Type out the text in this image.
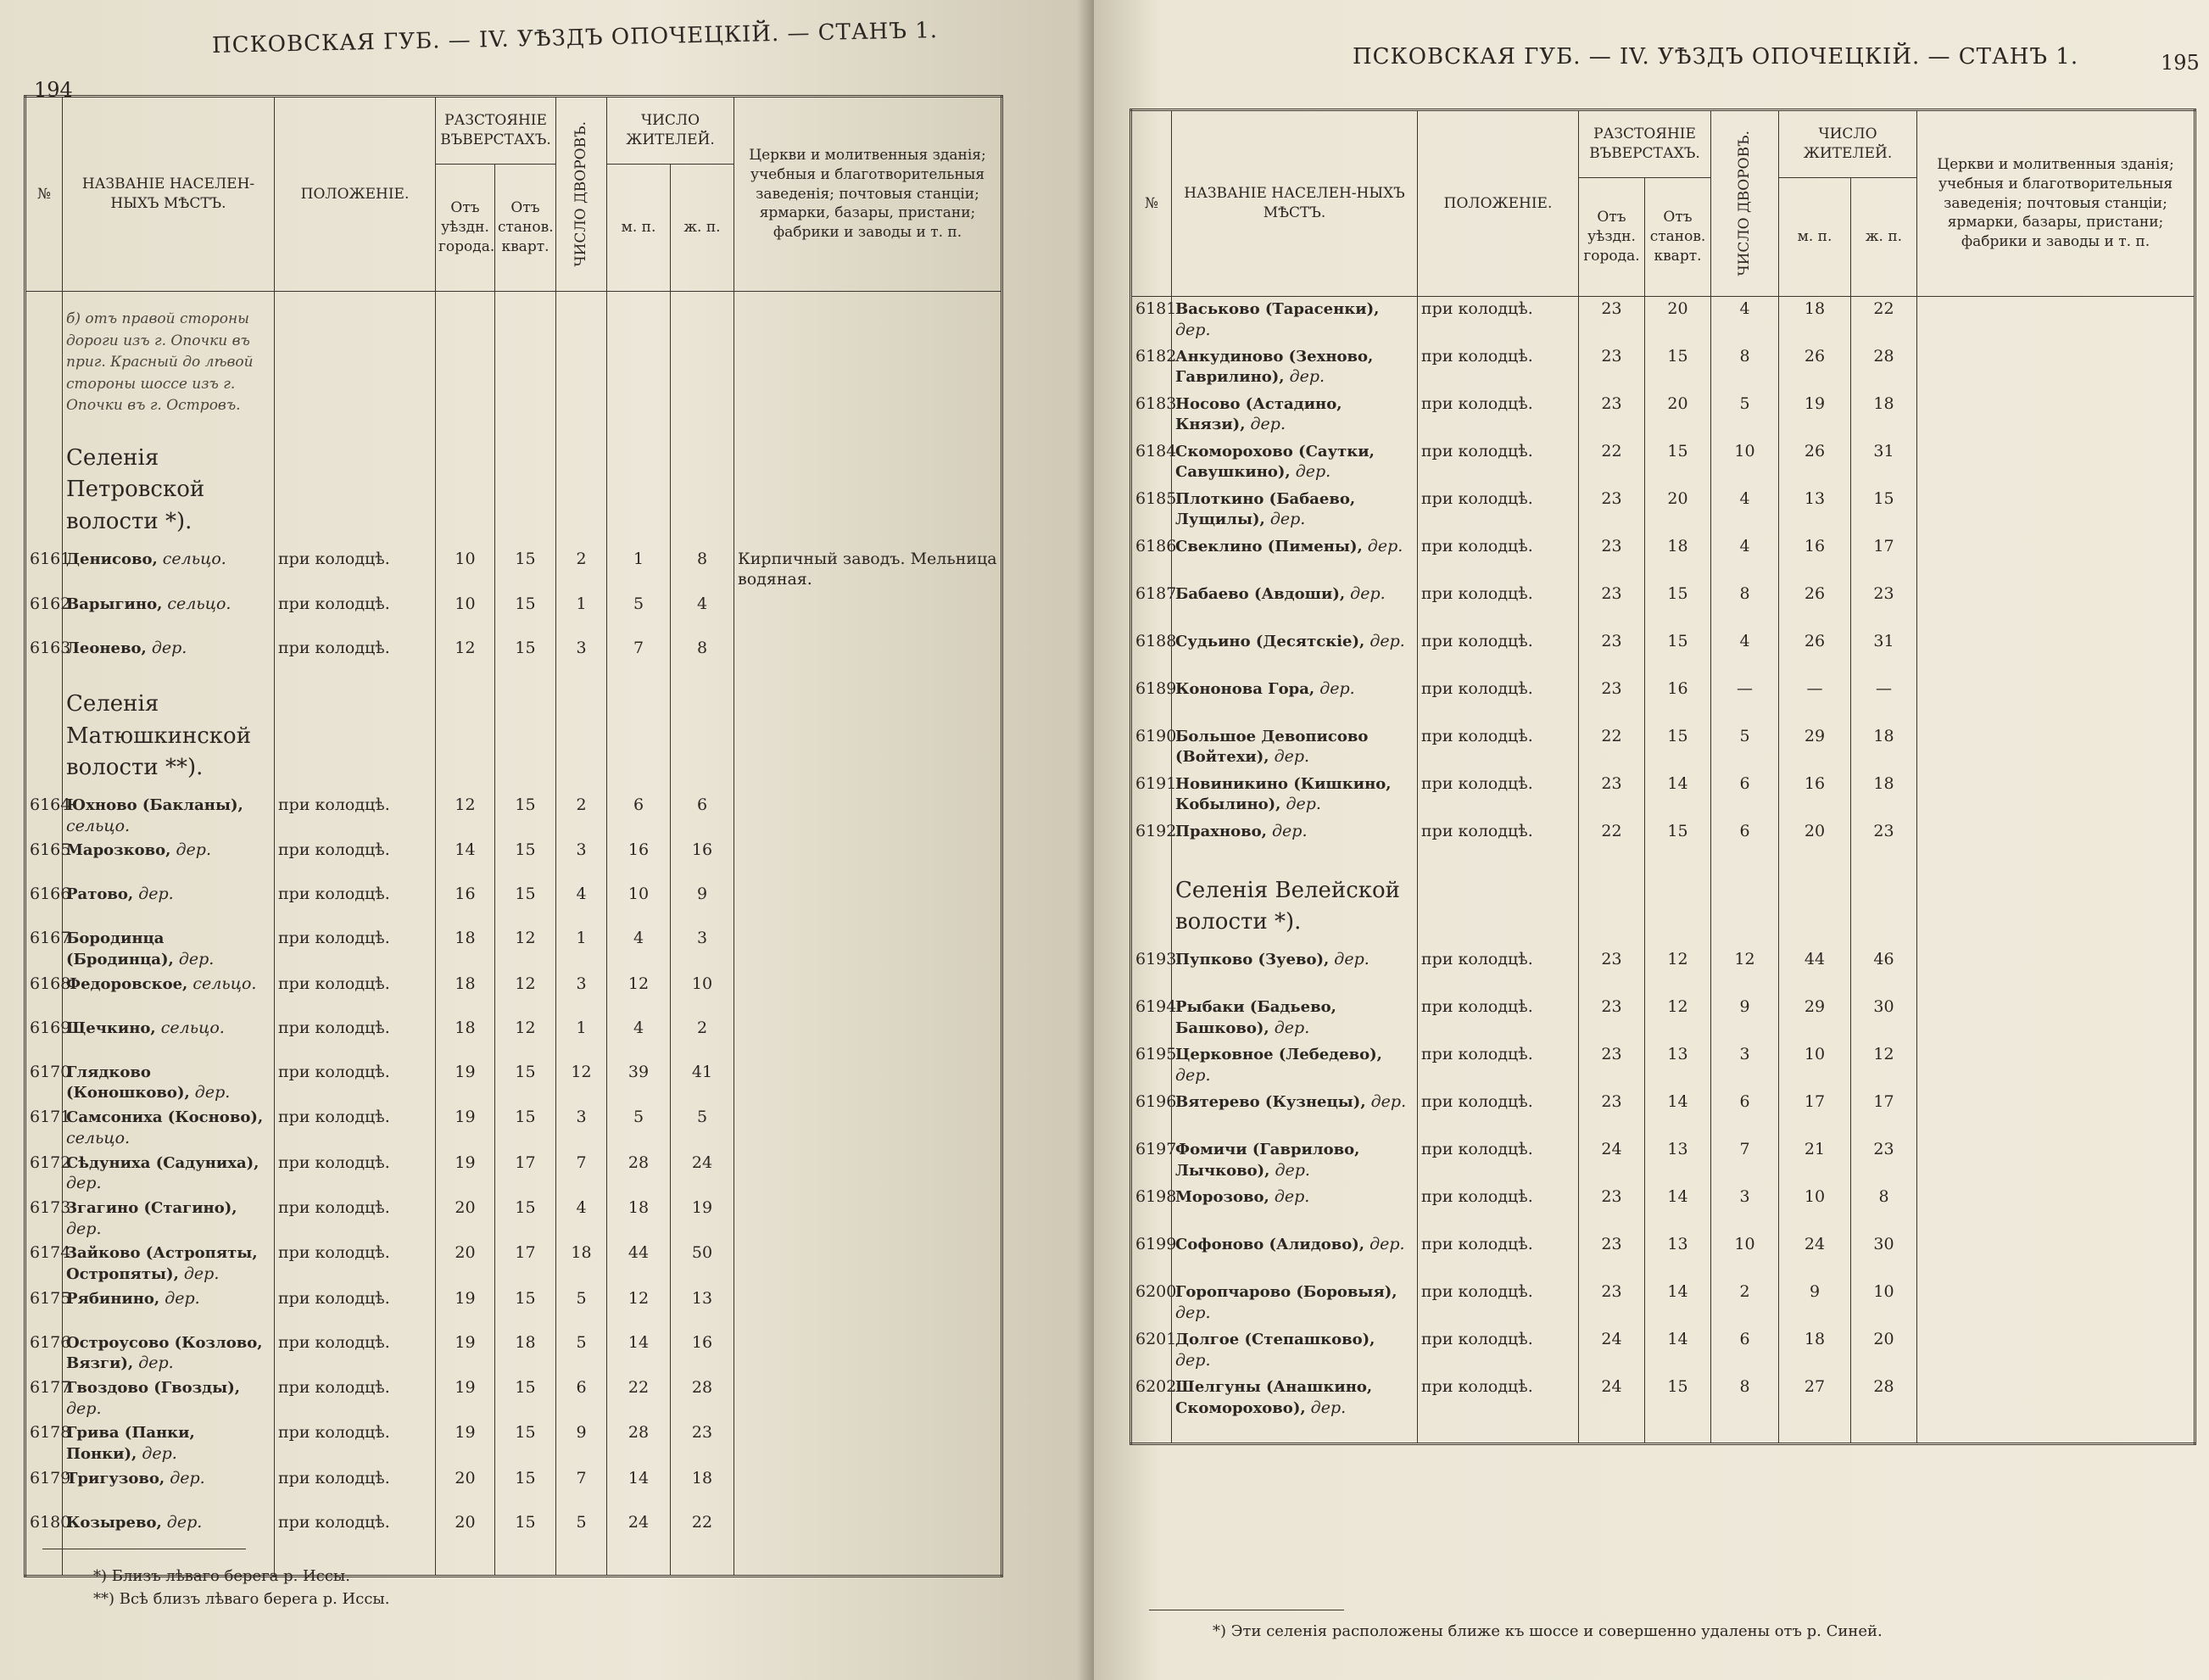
194
ПСКОВСКАЯ ГУБ. — IV. УѢЗДЪ ОПОЧЕЦКІЙ. — СТАНЪ 1.
№	НАЗВАНІЕ НАСЕЛЕН-НЫХЪ МѢСТЪ.	ПОЛОЖЕНІЕ.	РАЗСТОЯНІЕ ВЪВЕРСТАХЪ.		ЧИСЛО ДВОРОВЪ.	ЧИСЛО ЖИТЕЛЕЙ.		Церкви и молитвенныя зданія; учебныя и благотворительныя заведенія; почтовыя станціи; ярмарки, базары, пристани; фабрики и заводы и т. п.
			Отъ уѣздн. города.	Отъ станов. кварт.		м. п.	ж. п.	
	б) отъ правой стороны дороги изъ г. Опочки въ приг. Красный до лѣвой стороны шоссе изъ г. Опочки въ г. Островъ.							
	Селенія Петровской волости *).							
6161	Денисово, сельцо.	при колодцѣ.	10	15	2	1	8	Кирпичный заводъ. Мельница водяная.
6162	Варыгино, сельцо.	при колодцѣ.	10	15	1	5	4	
6163	Леонево, дер.	при колодцѣ.	12	15	3	7	8	
	Селенія Матюшкинской волости **).							
6164	Юхново (Бакланы), сельцо.	при колодцѣ.	12	15	2	6	6	
6165	Марозково, дер.	при колодцѣ.	14	15	3	16	16	
6166	Ратово, дер.	при колодцѣ.	16	15	4	10	9	
6167	Бородинца (Бродинца), дер.	при колодцѣ.	18	12	1	4	3	
6168	Федоровское, сельцо.	при колодцѣ.	18	12	3	12	10	
6169	Щечкино, сельцо.	при колодцѣ.	18	12	1	4	2	
6170	Глядково (Коношково), дер.	при колодцѣ.	19	15	12	39	41	
6171	Самсониха (Косново), сельцо.	при колодцѣ.	19	15	3	5	5	
6172	Сѣдуниха (Садуниха), дер.	при колодцѣ.	19	17	7	28	24	
6173	Згагино (Стагино), дер.	при колодцѣ.	20	15	4	18	19	
6174	Зайково (Астропяты, Остропяты), дер.	при колодцѣ.	20	17	18	44	50	
6175	Рябинино, дер.	при колодцѣ.	19	15	5	12	13	
6176	Остроусово (Козлово, Вязги), дер.	при колодцѣ.	19	18	5	14	16	
6177	Гвоздово (Гвозды), дер.	при колодцѣ.	19	15	6	22	28	
6178	Грива (Панки, Понки), дер.	при колодцѣ.	19	15	9	28	23	
6179	Тригузово, дер.	при колодцѣ.	20	15	7	14	18	
6180	Козырево, дер.	при колодцѣ.	20	15	5	24	22	

*) Близъ лѣваго берега р. Иссы.
**) Всѣ близъ лѣваго берега р. Иссы.
ПСКОВСКАЯ ГУБ. — IV. УѢЗДЪ ОПОЧЕЦКІЙ. — СТАНЪ 1.	195
№	НАЗВАНІЕ НАСЕЛЕН-НЫХЪ МѢСТЪ.	ПОЛОЖЕНІЕ.	РАЗСТОЯНІЕ ВЪВЕРСТАХЪ.		ЧИСЛО ДВОРОВЪ.	ЧИСЛО ЖИТЕЛЕЙ.		Церкви и молитвенныя зданія; учебныя и благотворительныя заведенія; почтовыя станціи; ярмарки, базары, пристани; фабрики и заводы и т. п.
			Отъ уѣздн. города.	Отъ станов. кварт.		м. п.	ж. п.	
6181	Васьково (Тарасенки), дер.	при колодцѣ.	23	20	4	18	22	
6182	Анкудиново (Зехново, Гаврилино), дер.	при колодцѣ.	23	15	8	26	28	
6183	Носово (Астадино, Князи), дер.	при колодцѣ.	23	20	5	19	18	
6184	Скоморохово (Саутки, Савушкино), дер.	при колодцѣ.	22	15	10	26	31	
6185	Плоткино (Бабаево, Лущилы), дер.	при колодцѣ.	23	20	4	13	15	
6186	Свеклино (Пимены), дер.	при колодцѣ.	23	18	4	16	17	
6187	Бабаево (Авдоши), дер.	при колодцѣ.	23	15	8	26	23	
6188	Судьино (Десятскіе), дер.	при колодцѣ.	23	15	4	26	31	
6189	Кононова Гора, дер.	при колодцѣ.	23	16	—	—	—	
6190	Большое Девописово (Войтехи), дер.	при колодцѣ.	22	15	5	29	18	
6191	Новиникино (Кишкино, Кобылино), дер.	при колодцѣ.	23	14	6	16	18	
6192	Прахново, дер.	при колодцѣ.	22	15	6	20	23	
	Селенія Велейской волости *).							
6193	Пупково (Зуево), дер.	при колодцѣ.	23	12	12	44	46	
6194	Рыбаки (Бадьево, Башково), дер.	при колодцѣ.	23	12	9	29	30	
6195	Церковное (Лебедево), дер.	при колодцѣ.	23	13	3	10	12	
6196	Вятерево (Кузнецы), дер.	при колодцѣ.	23	14	6	17	17	
6197	Фомичи (Гаврилово, Лычково), дер.	при колодцѣ.	24	13	7	21	23	
6198	Морозово, дер.	при колодцѣ.	23	14	3	10	8	
6199	Софоново (Алидово), дер.	при колодцѣ.	23	13	10	24	30	
6200	Горопчарово (Боровыя), дер.	при колодцѣ.	23	14	2	9	10	
6201	Долгое (Степашково), дер.	при колодцѣ.	24	14	6	18	20	
6202	Шелгуны (Анашкино, Скоморохово), дер.	при колодцѣ.	24	15	8	27	28	

*) Эти селенія расположены ближе къ шоссе и совершенно удалены отъ р. Синей.
